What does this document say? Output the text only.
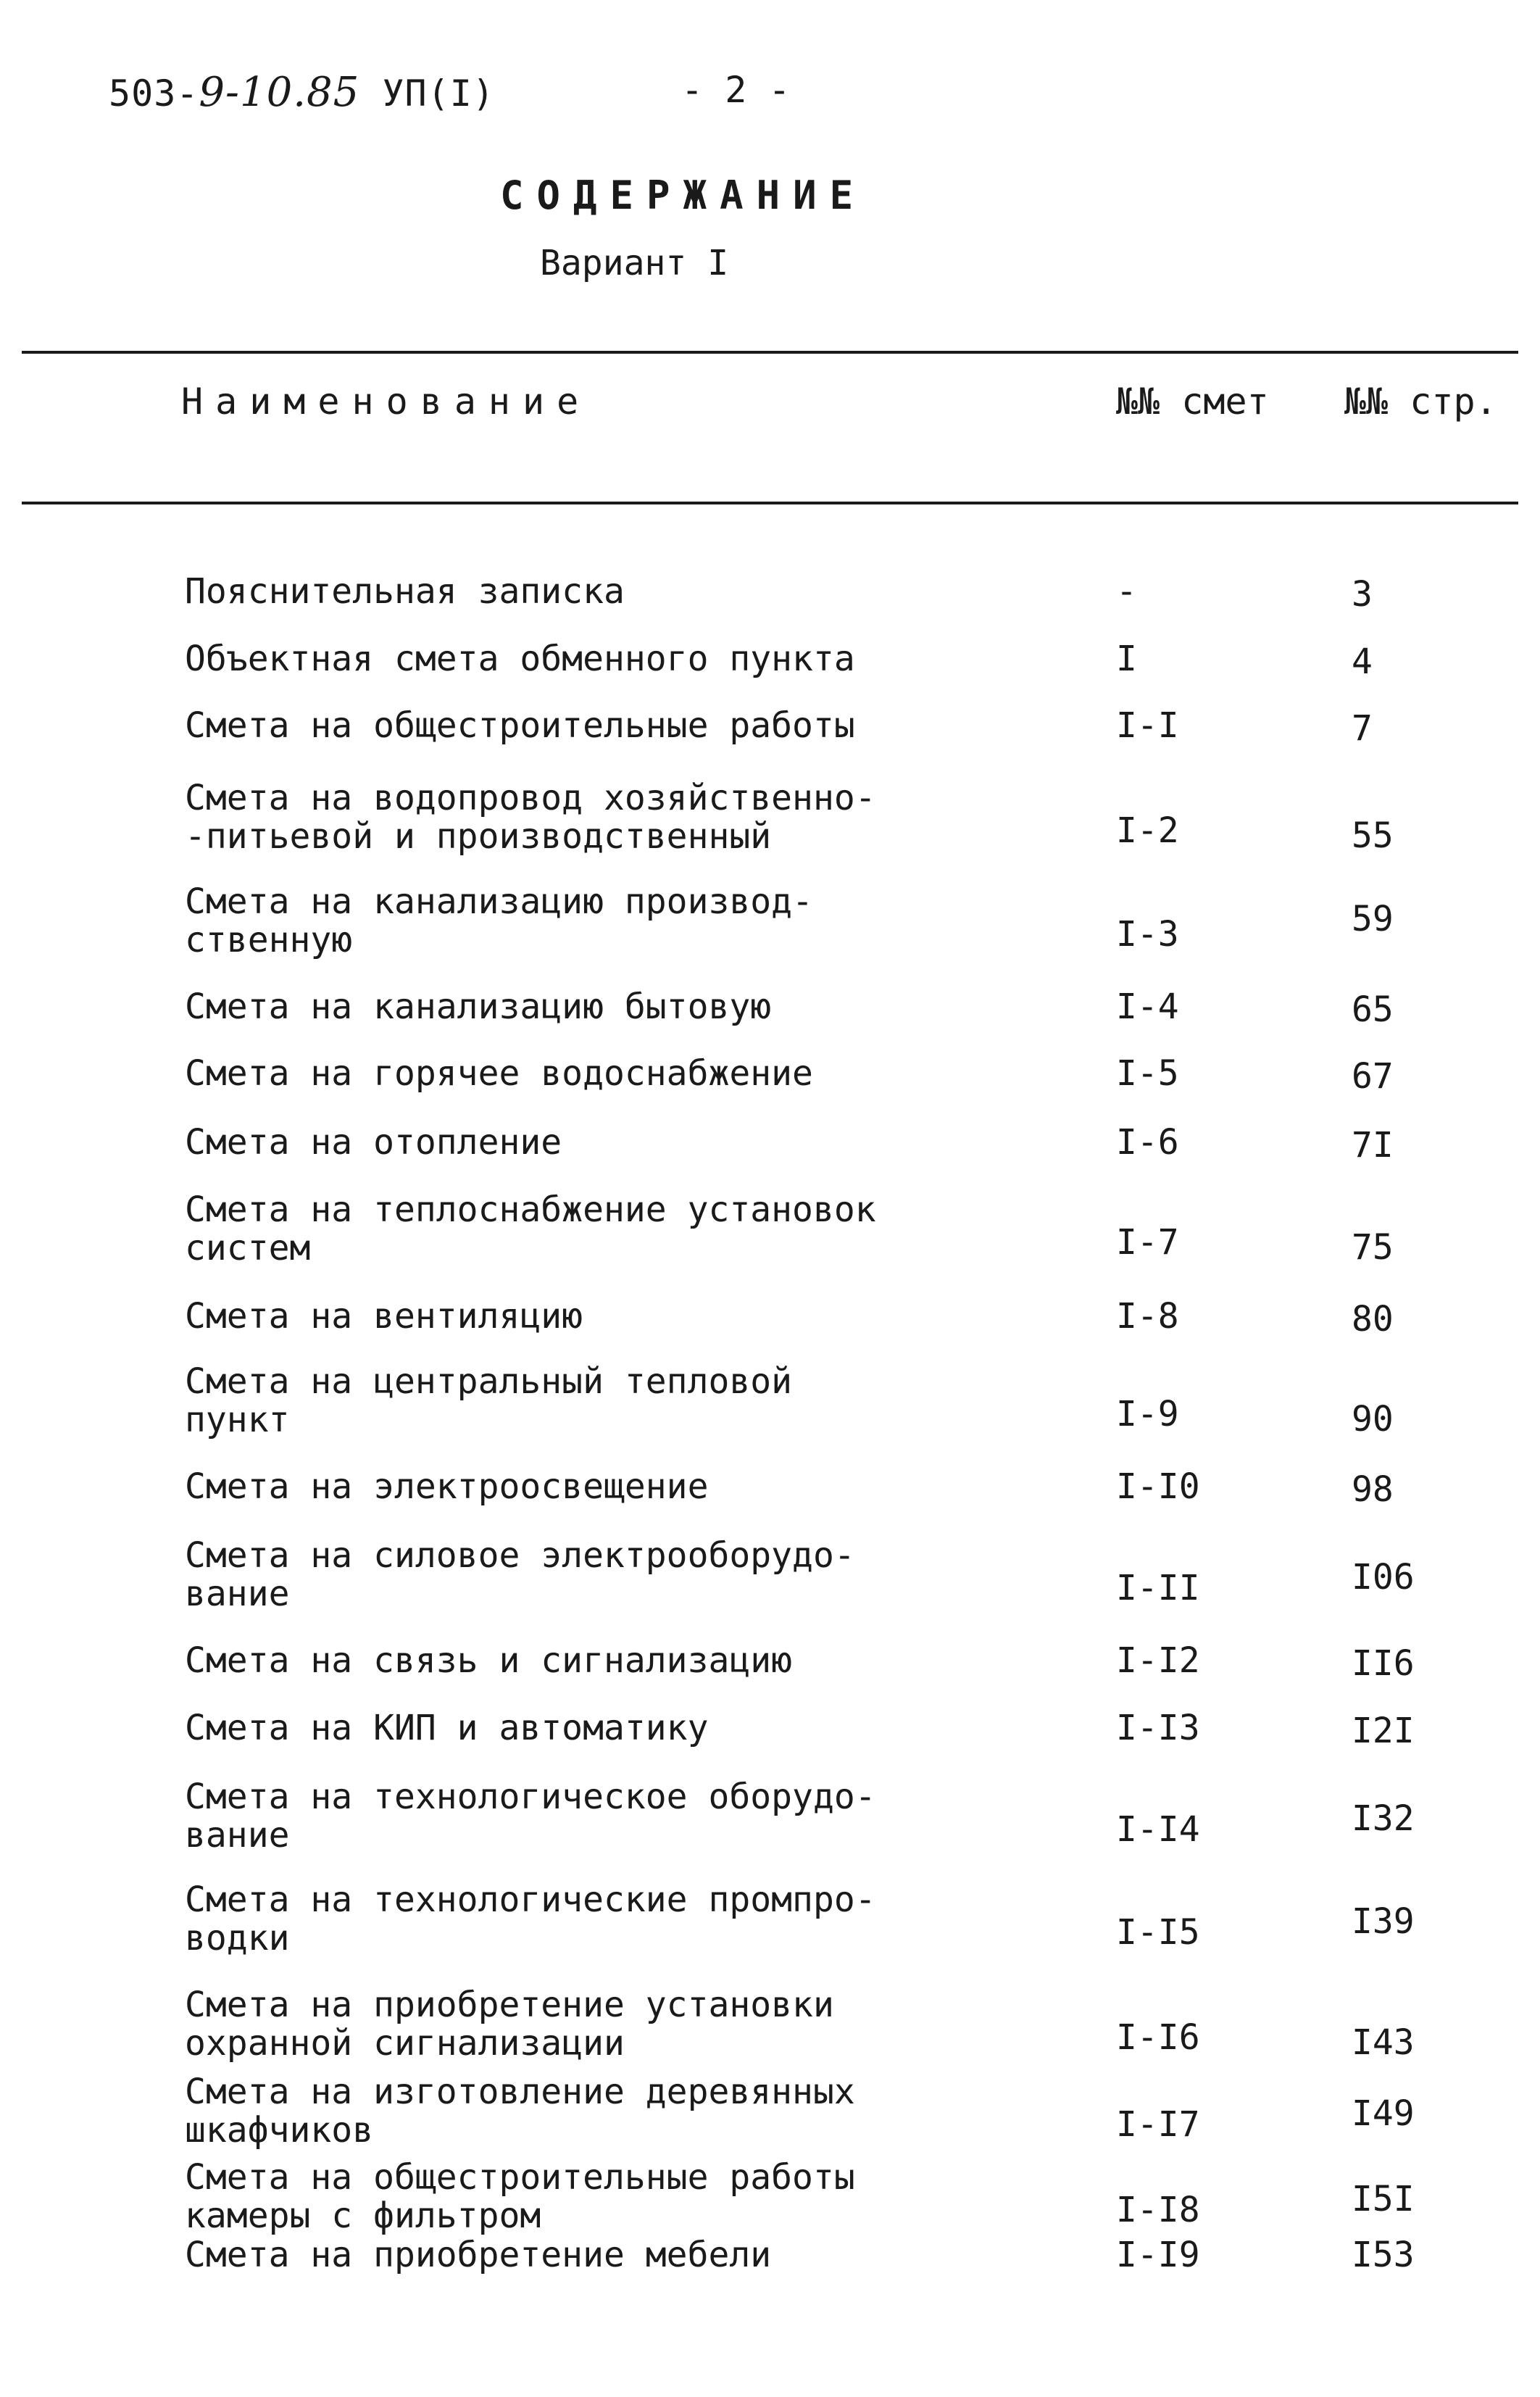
503-9-10.85 УП(I)	- 2 -
СОДЕРЖАНИЕ
Вариант I
Наименование	№№ смет №№ стр.
Пояснительная записка	-	3
Объектная смета обменного пункта	I	4
Смета на общестроительные работы	I-I	7
Смета на водопровод хозяйственно-
-питьевой и производственный	I-2	55
Смета на канализацию производ-
ственную	I-3	59
Смета на канализацию бытовую	I-4	65
Смета на горячее водоснабжение	I-5	67
Смета на отопление	I-6	7I
Смета на теплоснабжение установок
систем	I-7	75
Смета на вентиляцию	I-8	80
Смета на центральный тепловой
пункт	I-9	90
Смета на электроосвещение	I-I0	98
Смета на силовое электрооборудо-
вание	I-II	I06
Смета на связь и сигнализацию	I-I2	II6
Смета на КИП и автоматику	I-I3	I2I
Смета на технологическое оборудо-
вание	I-I4	I32
Смета на технологические промпро-
водки	I-I5	I39
Смета на приобретение установки
охранной сигнализации	I-I6	I43
Смета на изготовление деревянных
шкафчиков	I-I7	I49
Смета на общестроительные работы
камеры с фильтром	I-I8	I5I
Смета на приобретение мебели	I-I9	I53
